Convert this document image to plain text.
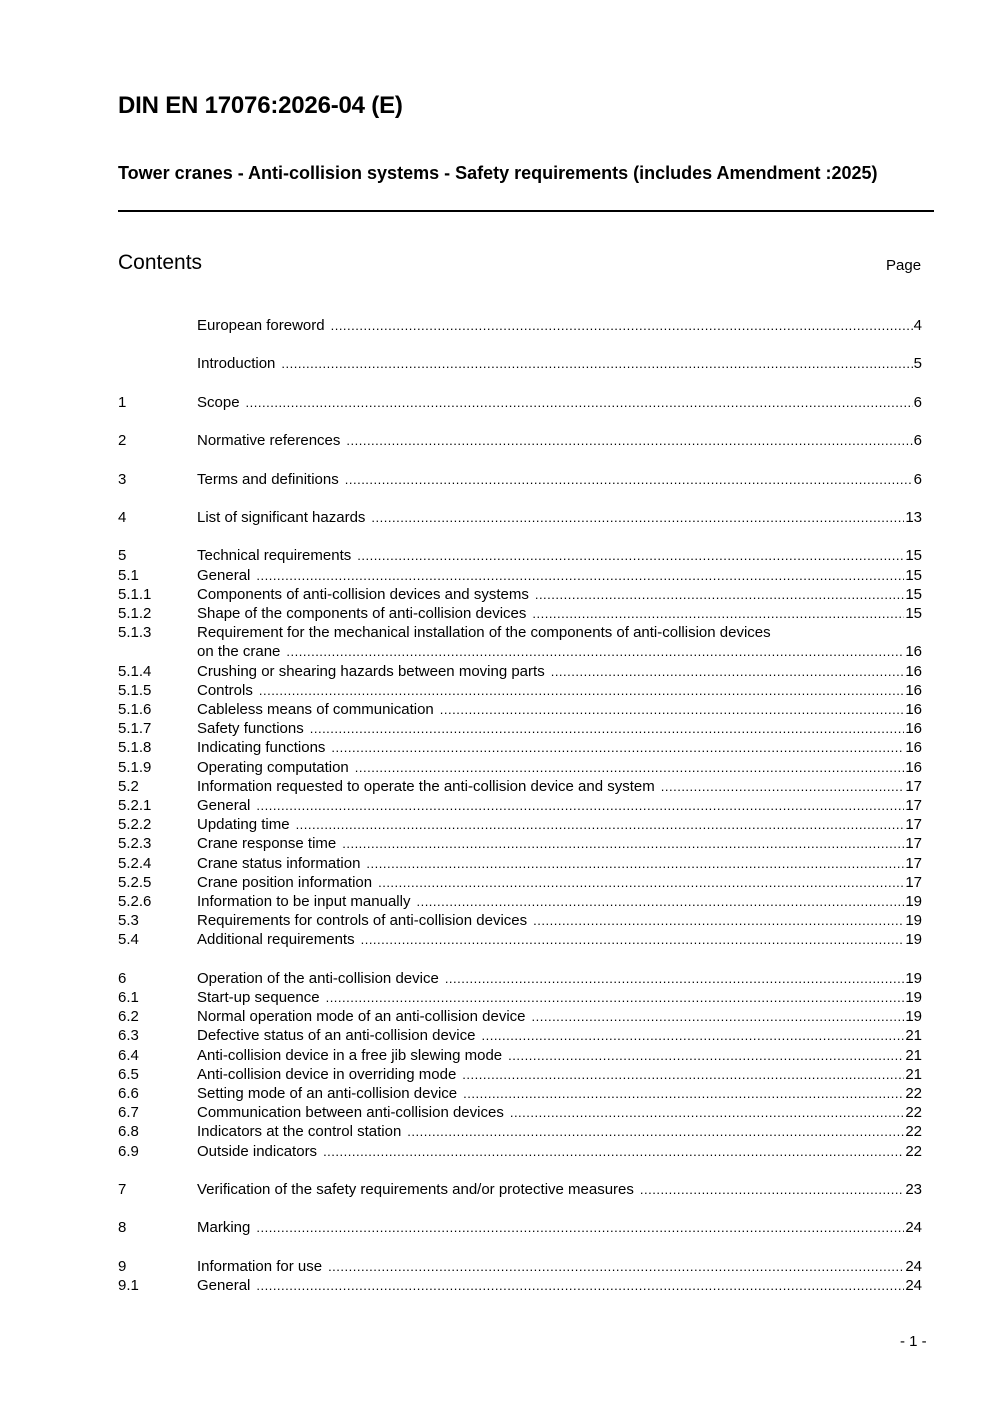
DIN EN 17076:2026-04 (E)
Tower cranes - Anti-collision systems - Safety requirements (includes Amendment :2025)
Contents	Page
European foreword .....	4
Introduction .....	5
1	Scope .....	6
2	Normative references .....	6
3	Terms and definitions .....	6
4	List of significant hazards .....	13
5	Technical requirements .....	15
5.1	General .....	15
5.1.1	Components of anti-collision devices and systems .....	15
5.1.2	Shape of the components of anti-collision devices .....	15
5.1.3	Requirement for the mechanical installation of the components of anti-collision devices
on the crane .....	16
5.1.4	Crushing or shearing hazards between moving parts .....	16
5.1.5	Controls .....	16
5.1.6	Cableless means of communication .....	16
5.1.7	Safety functions .....	16
5.1.8	Indicating functions .....	16
5.1.9	Operating computation .....	16
5.2	Information requested to operate the anti-collision device and system .....	17
5.2.1	General .....	17
5.2.2	Updating time .....	17
5.2.3	Crane response time .....	17
5.2.4	Crane status information .....	17
5.2.5	Crane position information .....	17
5.2.6	Information to be input manually .....	19
5.3	Requirements for controls of anti-collision devices .....	19
5.4	Additional requirements .....	19
6	Operation of the anti-collision device .....	19
6.1	Start-up sequence .....	19
6.2	Normal operation mode of an anti-collision device .....	19
6.3	Defective status of an anti-collision device .....	21
6.4	Anti-collision device in a free jib slewing mode .....	21
6.5	Anti-collision device in overriding mode .....	21
6.6	Setting mode of an anti-collision device .....	22
6.7	Communication between anti-collision devices .....	22
6.8	Indicators at the control station .....	22
6.9	Outside indicators .....	22
7	Verification of the safety requirements and/or protective measures .....	23
8	Marking .....	24
9	Information for use .....	24
9.1	General .....	24
- 1 -
